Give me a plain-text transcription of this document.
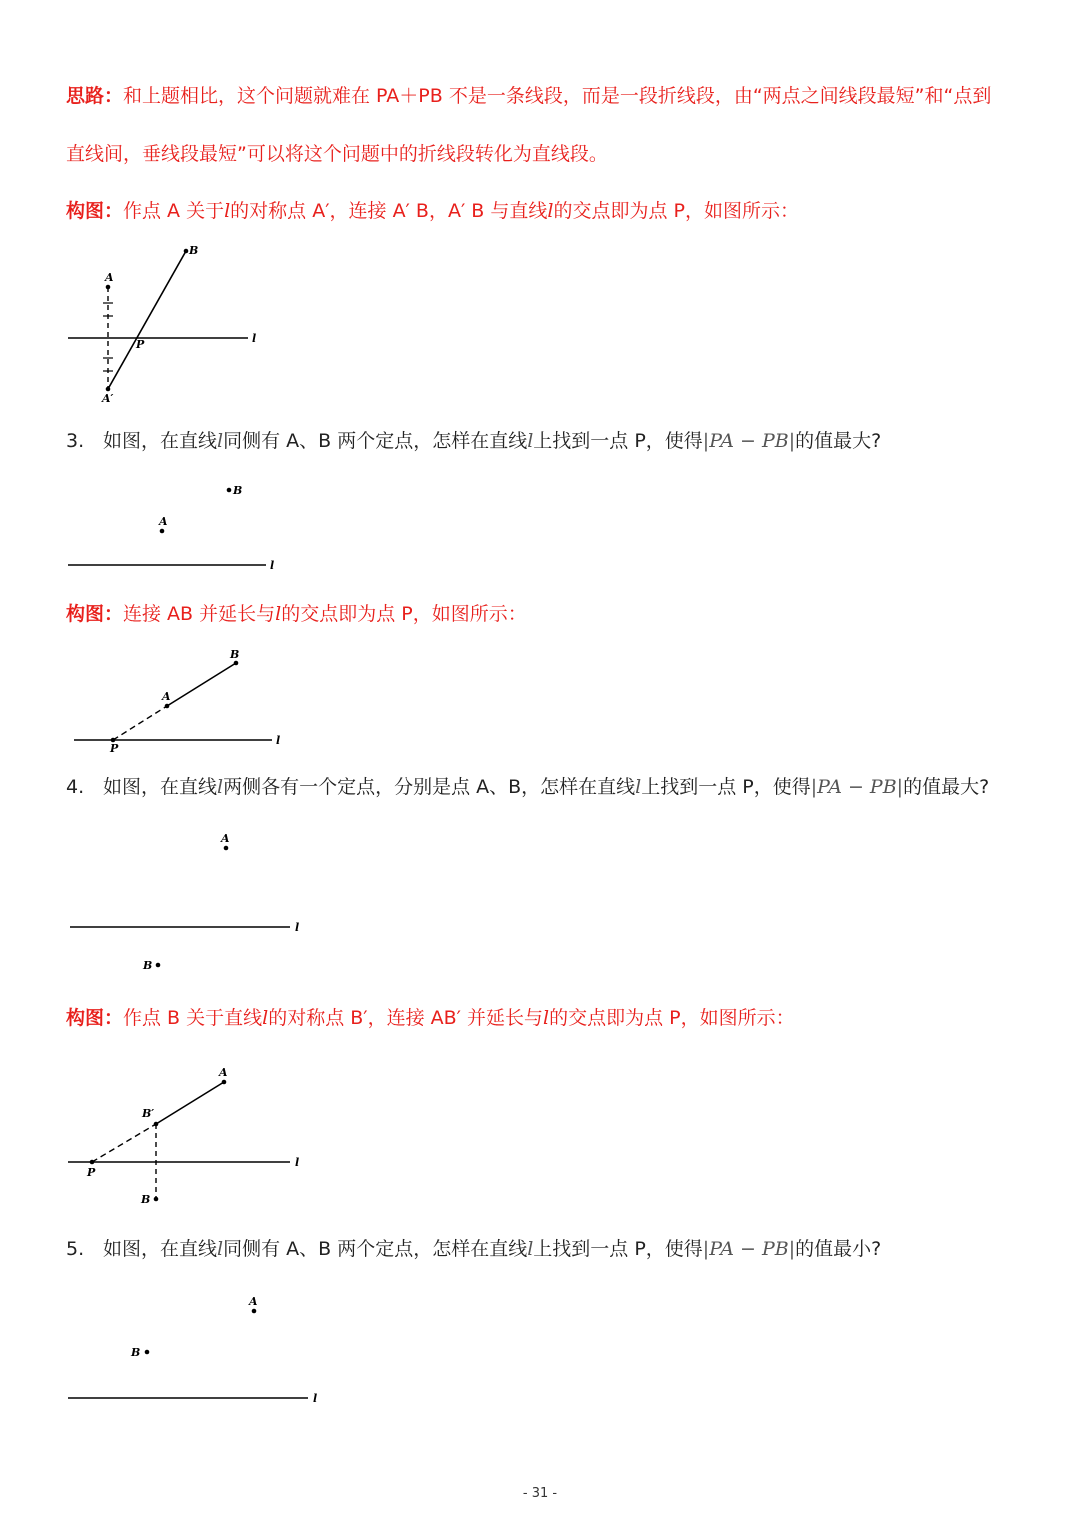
思路：和上题相比，这个问题就难在 PA＋PB 不是一条线段，而是一段折线段，由“两点之间线段最短”和“点到
直线间，垂线段最短”可以将这个问题中的折线段转化为直线段。
构图：作点 A 关于l的对称点 A′，连接 A′ B，A′ B 与直线l的交点即为点 P，如图所示：
A
B
P	l
A′
3. 如图，在直线l同侧有 A、B 两个定点，怎样在直线l上找到一点 P，使得|PA − PB|的值最大?
A
B
l
构图：连接 AB 并延长与l的交点即为点 P，如图所示：
A
B
P
l
4. 如图，在直线l两侧各有一个定点，分别是点 A、B，怎样在直线l上找到一点 P，使得|PA − PB|的值最大?
A
B
l
构图：作点 B 关于直线l的对称点 B′，连接 AB′ 并延长与l的交点即为点 P，如图所示：
A
B′
B
P
l
5. 如图，在直线l同侧有 A、B 两个定点，怎样在直线l上找到一点 P，使得|PA − PB|的值最小?
A
B
l
- 31 -
